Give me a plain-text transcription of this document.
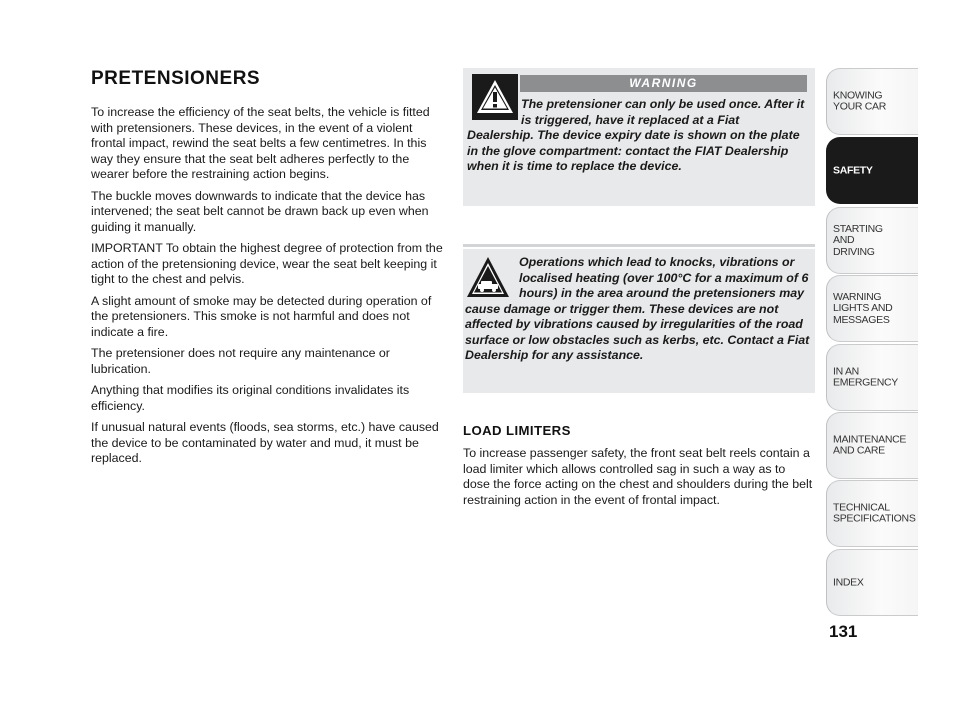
PRETENSIONERS

To increase the efficiency of the seat belts, the vehicle is fitted with pretensioners. These devices, in the event of a violent frontal impact, rewind the seat belts a few centimetres. In this way they ensure that the seat belt adheres perfectly to the wearer before the restraining action begins.

The buckle moves downwards to indicate that the device has intervened; the seat belt cannot be drawn back up even when guiding it manually.

IMPORTANT To obtain the highest degree of protection from the action of the pretensioning device, wear the seat belt keeping it tight to the chest and pelvis.

A slight amount of smoke may be detected during operation of the pretensioners. This smoke is not harmful and does not indicate a fire.

The pretensioner does not require any maintenance or lubrication.

Anything that modifies its original conditions invalidates its efficiency.

If unusual natural events (floods, sea storms, etc.) have caused the device to be contaminated by water and mud, it must be replaced.

WARNING

The pretensioner can only be used once. After it is triggered, have it replaced at a Fiat Dealership. The device expiry date is shown on the plate in the glove compartment: contact the FIAT Dealership when it is time to replace the device.

Operations which lead to knocks, vibrations or localised heating (over 100°C for a maximum of 6 hours) in the area around the pretensioners may cause damage or trigger them. These devices are not affected by vibrations caused by irregularities of the road surface or low obstacles such as kerbs, etc. Contact a Fiat Dealership for any assistance.

LOAD LIMITERS

To increase passenger safety, the front seat belt reels contain a load limiter which allows controlled sag in such a way as to dose the force acting on the chest and shoulders during the belt restraining action in the event of frontal impact.

KNOWING
YOUR CAR
SAFETY
STARTING
AND
DRIVING
WARNING
LIGHTS AND
MESSAGES
IN AN
EMERGENCY
MAINTENANCE
AND CARE
TECHNICAL
SPECIFICATIONS
INDEX

131
